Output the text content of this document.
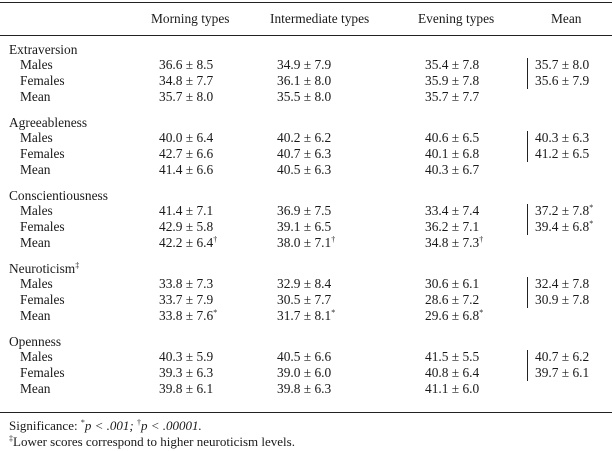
Morning types	Intermediate types	Evening types	Mean
Extraversion
Males	36.6 ± 8.5	34.9 ± 7.9	35.4 ± 7.8	35.7 ± 8.0
Females	34.8 ± 7.7	36.1 ± 8.0	35.9 ± 7.8	35.6 ± 7.9
Mean	35.7 ± 8.0	35.5 ± 8.0	35.7 ± 7.7
Agreeableness
Males	40.0 ± 6.4	40.2 ± 6.2	40.6 ± 6.5	40.3 ± 6.3
Females	42.7 ± 6.6	40.7 ± 6.3	40.1 ± 6.8	41.2 ± 6.5
Mean	41.4 ± 6.6	40.5 ± 6.3	40.3 ± 6.7
Conscientiousness
Males	41.4 ± 7.1	36.9 ± 7.5	33.4 ± 7.4	37.2 ± 7.8*
Females	42.9 ± 5.8	39.1 ± 6.5	36.2 ± 7.1	39.4 ± 6.8*
Mean	42.2 ± 6.4†	38.0 ± 7.1†	34.8 ± 7.3†
Neuroticism‡
Males	33.8 ± 7.3	32.9 ± 8.4	30.6 ± 6.1	32.4 ± 7.8
Females	33.7 ± 7.9	30.5 ± 7.7	28.6 ± 7.2	30.9 ± 7.8
Mean	33.8 ± 7.6*	31.7 ± 8.1*	29.6 ± 6.8*
Openness
Males	40.3 ± 5.9	40.5 ± 6.6	41.5 ± 5.5	40.7 ± 6.2
Females	39.3 ± 6.3	39.0 ± 6.0	40.8 ± 6.4	39.7 ± 6.1
Mean	39.8 ± 6.1	39.8 ± 6.3	41.1 ± 6.0
Significance: *p < .001; †p < .00001.
‡Lower scores correspond to higher neuroticism levels.
